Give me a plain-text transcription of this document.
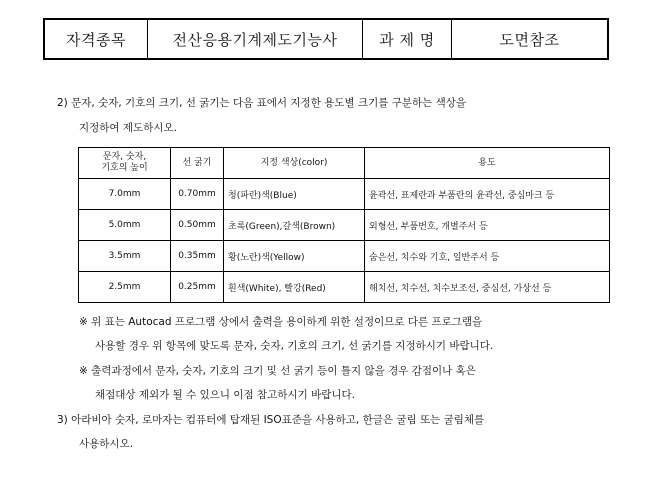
자격종목	전산응용기계제도기능사	과 제 명	도면참조
2) 문자, 숫자, 기호의 크기, 선 굵기는 다음 표에서 지정한 용도별 크기를 구분하는 색상을
지정하여 제도하시오.
문자, 숫자,
기호의 높이	선 굵기	지정 색상(color)	용도
7.0mm	0.70mm	청(파란)색(Blue)	윤곽선, 표제란과 부품란의 윤곽선, 중심마크 등
5.0mm	0.50mm	초록(Green),갈색(Brown)	외형선, 부품번호, 개별주서 등
3.5mm	0.35mm	황(노란)색(Yellow)	숨은선, 치수와 기호, 일반주서 등
2.5mm	0.25mm	흰색(White), 빨강(Red)	해치선, 치수선, 치수보조선, 중심선, 가상선 등
※ 위 표는 Autocad 프로그램 상에서 출력을 용이하게 위한 설정이므로 다른 프로그램을
사용할 경우 위 항목에 맞도록 문자, 숫자, 기호의 크기, 선 굵기를 지정하시기 바랍니다.
※ 출력과정에서 문자, 숫자, 기호의 크기 및 선 굵기 등이 틀지 않을 경우 감점이나 혹은
채점대상 제외가 될 수 있으니 이점 참고하시기 바랍니다.
3) 아라비아 숫자, 로마자는 컴퓨터에 탑재된 ISO표준을 사용하고, 한글은 굴림 또는 굴림체를
사용하시오.
